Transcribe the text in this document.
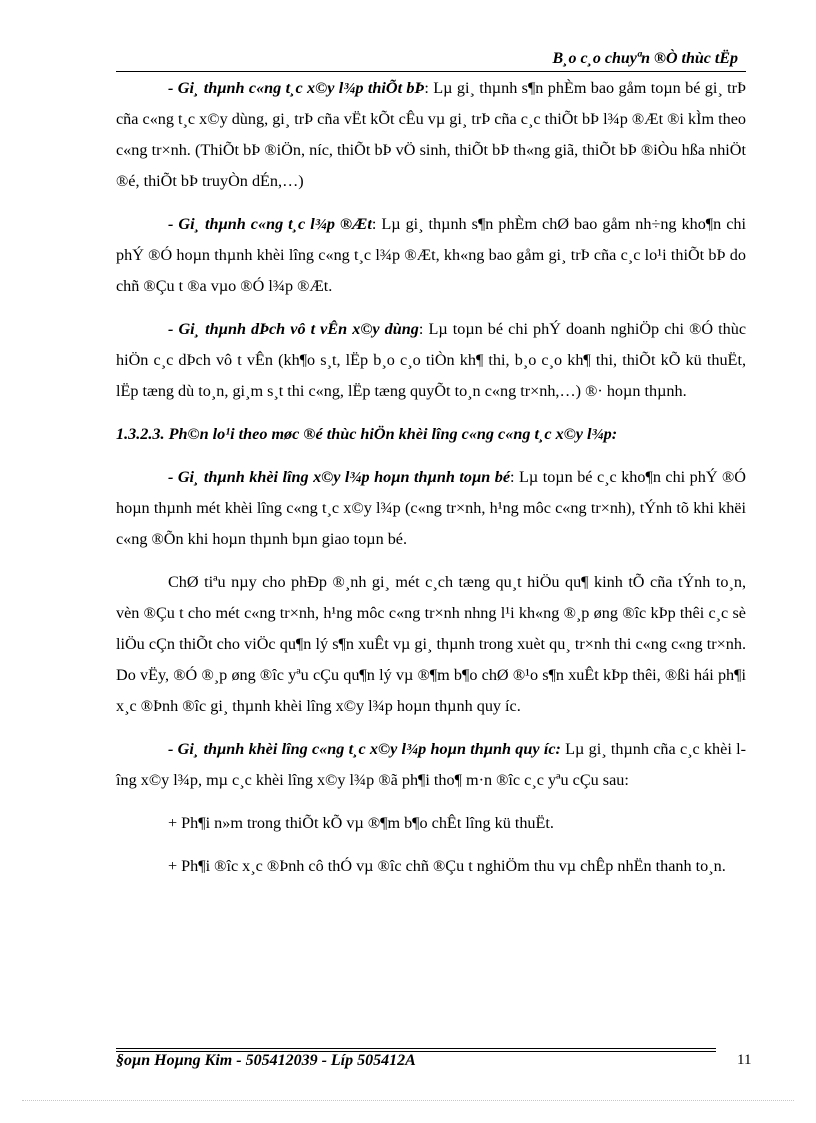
B¸o c¸o chuyªn ®Ò thùc tËp

- Gi¸ thµnh c«ng t¸c x©y l¾p thiÕt bÞ: Lµ gi¸ thµnh s¶n phÈm bao gåm toµn bé gi¸ trÞ cña c«ng t¸c x©y dùng, gi¸ trÞ cña vËt kÕt cÊu vµ gi¸ trÞ cña c¸c thiÕt bÞ l¾p ®Æt ®i kÌm theo c«ng tr×nh. (ThiÕt bÞ ®iÖn, níc, thiÕt bÞ vÖ sinh, thiÕt bÞ th«ng giã, thiÕt bÞ ®iÒu hßa nhiÖt ®é, thiÕt bÞ truyÒn dÉn,…)

- Gi¸ thµnh c«ng t¸c l¾p ®Æt: Lµ gi¸ thµnh s¶n phÈm chØ bao gåm nh÷ng kho¶n chi phÝ ®Ó hoµn thµnh khèi lîng c«ng t¸c l¾p ®Æt, kh«ng bao gåm gi¸ trÞ cña c¸c lo¹i thiÕt bÞ do chñ ®Çu t ®a vµo ®Ó l¾p ®Æt.

- Gi¸ thµnh dÞch vô t vÊn x©y dùng: Lµ toµn bé chi phÝ doanh nghiÖp chi ®Ó thùc hiÖn c¸c dÞch vô t vÊn (kh¶o s¸t, lËp b¸o c¸o tiÒn kh¶ thi, b¸o c¸o kh¶ thi, thiÕt kÕ kü thuËt, lËp tæng dù to¸n, gi¸m s¸t thi c«ng, lËp tæng quyÕt to¸n c«ng tr×nh,…) ®· hoµn thµnh.

1.3.2.3. Ph©n lo¹i theo møc ®é thùc hiÖn khèi lîng c«ng c«ng t¸c x©y l¾p:

- Gi¸ thµnh khèi lîng x©y l¾p hoµn thµnh toµn bé: Lµ toµn bé c¸c kho¶n chi phÝ ®Ó hoµn thµnh mét khèi lîng c«ng t¸c x©y l¾p (c«ng tr×nh, h¹ng môc c«ng tr×nh), tÝnh tõ khi khëi c«ng ®Õn khi hoµn thµnh bµn giao toµn bé.

ChØ tiªu nµy cho phÐp ®¸nh gi¸ mét c¸ch tæng qu¸t hiÖu qu¶ kinh tÕ cña tÝnh to¸n, vèn ®Çu t cho mét c«ng tr×nh, h¹ng môc c«ng tr×nh nhng l¹i kh«ng ®¸p øng ®îc kÞp thêi c¸c sè liÖu cÇn thiÕt cho viÖc qu¶n lý s¶n xuÊt vµ gi¸ thµnh trong xuèt qu¸ tr×nh thi c«ng c«ng tr×nh. Do vËy, ®Ó ®¸p øng ®îc yªu cÇu qu¶n lý vµ ®¶m b¶o chØ ®¹o s¶n xuÊt kÞp thêi, ®ßi hái ph¶i x¸c ®Þnh ®îc gi¸ thµnh khèi lîng x©y l¾p hoµn thµnh quy íc.

- Gi¸ thµnh khèi lîng c«ng t¸c x©y l¾p hoµn thµnh quy íc: Lµ gi¸ thµnh cña c¸c khèi lîng x©y l¾p, mµ c¸c khèi lîng x©y l¾p ®ã ph¶i tho¶ m·n ®îc c¸c yªu cÇu sau:

+ Ph¶i n»m trong thiÕt kÕ vµ ®¶m b¶o chÊt lîng kü thuËt.

+ Ph¶i ®îc x¸c ®Þnh cô thÓ vµ ®îc chñ ®Çu t nghiÖm thu vµ chÊp nhËn thanh to¸n.

§oµn Hoµng Kim - 505412039 - Líp 505412A	11
